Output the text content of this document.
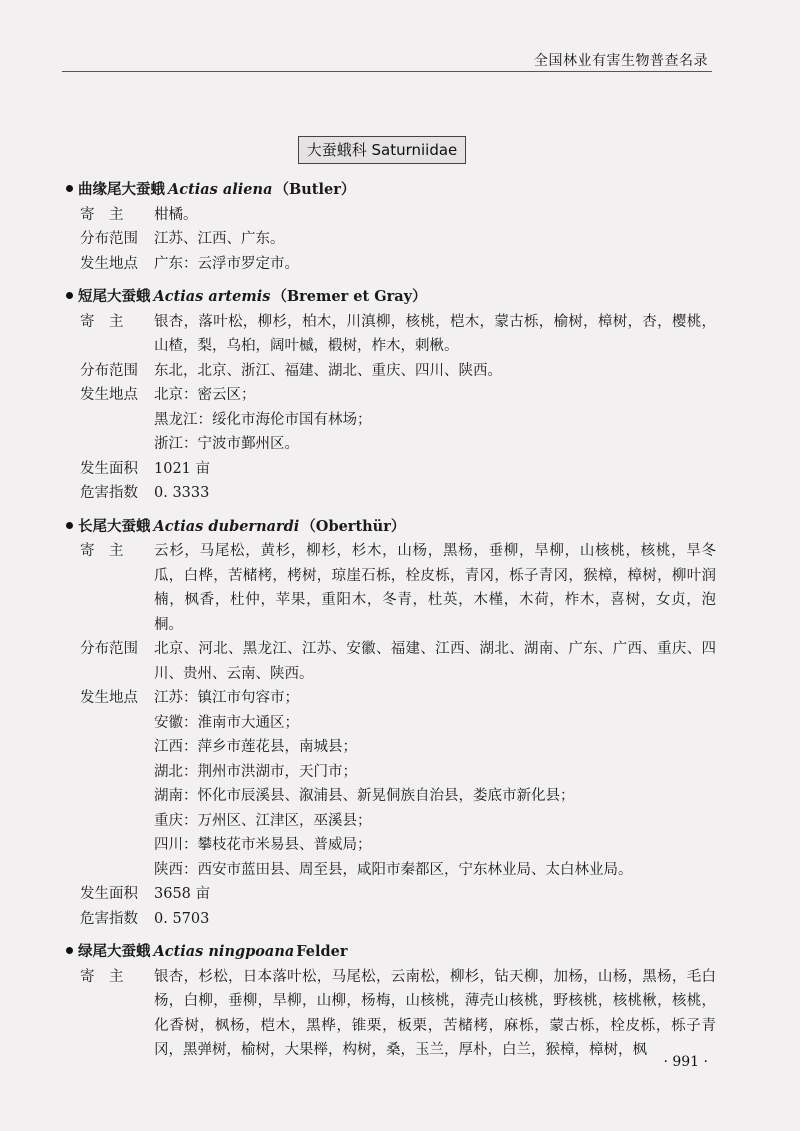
全国林业有害生物普查名录
大蚕蛾科 Saturniidae
曲缘尾大蚕蛾 Actias aliena （Butler）
寄　主	柑橘。
分布范围	江苏、江西、广东。
发生地点	广东：云浮市罗定市。
短尾大蚕蛾 Actias artemis （Bremer et Gray）
寄　主	银杏，落叶松，柳杉，柏木，川滇柳，核桃，桤木，蒙古栎，榆树，樟树，杏，樱桃，山楂，梨，乌桕，阔叶槭，椴树，柞木，刺楸。
分布范围	东北，北京、浙江、福建、湖北、重庆、四川、陕西。
发生地点	北京：密云区；
黑龙江：绥化市海伦市国有林场；
浙江：宁波市鄞州区。
发生面积	1021 亩
危害指数	0. 3333
长尾大蚕蛾 Actias dubernardi （Oberthür）
寄　主	云杉，马尾松，黄杉，柳杉，杉木，山杨，黑杨，垂柳，旱柳，山核桃，核桃，旱冬瓜，白桦，苦槠栲，栲树，琼崖石栎，栓皮栎，青冈，栎子青冈，猴樟，樟树，柳叶润楠，枫香，杜仲，苹果，重阳木，冬青，杜英，木槿，木荷，柞木，喜树，女贞，泡桐。
分布范围	北京、河北、黑龙江、江苏、安徽、福建、江西、湖北、湖南、广东、广西、重庆、四川、贵州、云南、陕西。
发生地点	江苏：镇江市句容市；
安徽：淮南市大通区；
江西：萍乡市莲花县，南城县；
湖北：荆州市洪湖市，天门市；
湖南：怀化市辰溪县、溆浦县、新晃侗族自治县，娄底市新化县；
重庆：万州区、江津区，巫溪县；
四川：攀枝花市米易县、普威局；
陕西：西安市蓝田县、周至县，咸阳市秦都区，宁东林业局、太白林业局。
发生面积	3658 亩
危害指数	0. 5703
绿尾大蚕蛾 Actias ningpoana Felder
寄　主	银杏，杉松，日本落叶松，马尾松，云南松，柳杉，钻天柳，加杨，山杨，黑杨，毛白杨，白柳，垂柳，旱柳，山柳，杨梅，山核桃，薄壳山核桃，野核桃，核桃楸，核桃，化香树，枫杨，桤木，黑桦，锥栗，板栗，苦槠栲，麻栎，蒙古栎，栓皮栎，栎子青冈，黑弹树，榆树，大果榉，构树，桑，玉兰，厚朴，白兰，猴樟，樟树，枫
· 991 ·
